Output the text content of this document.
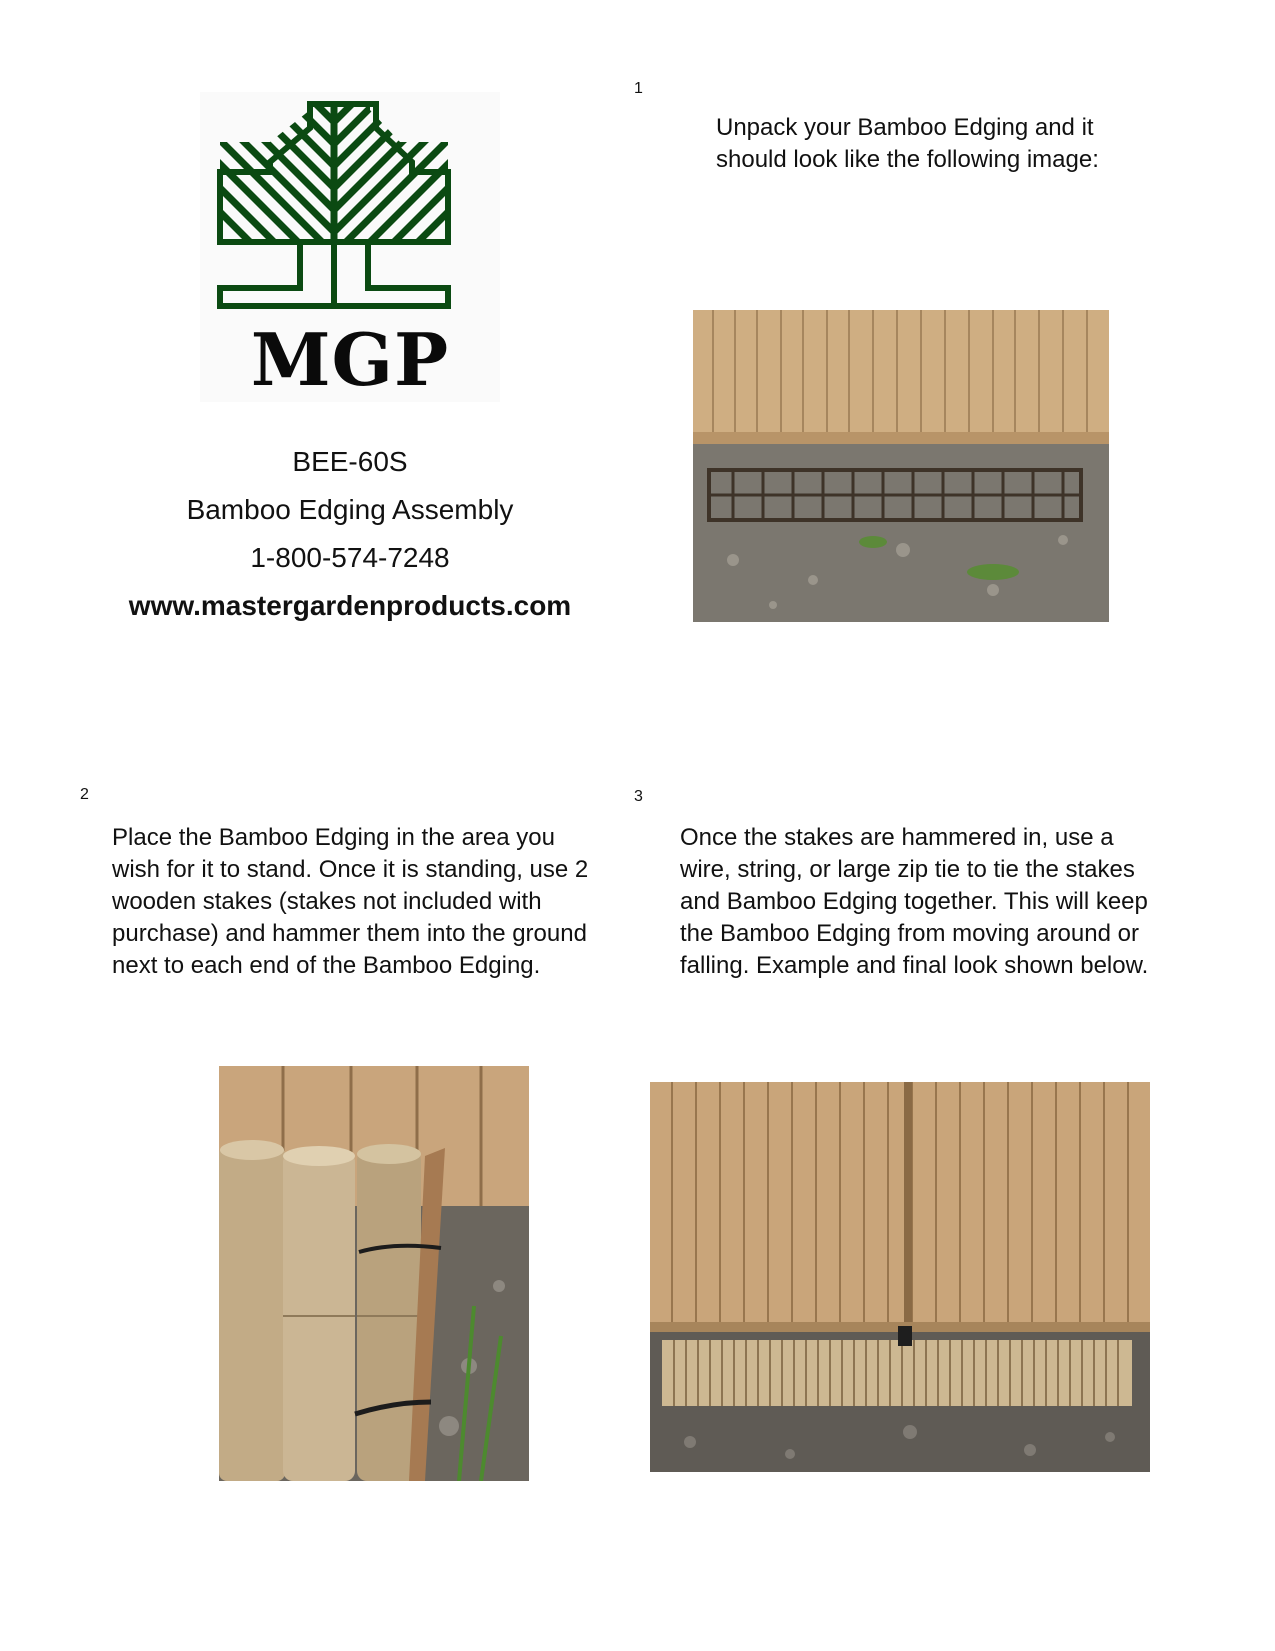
MGP
BEE-60S
Bamboo Edging Assembly
1-800-574-7248
www.mastergardenproducts.com
1
Unpack your Bamboo Edging and it should look like the following image:
2
Place the Bamboo Edging in the area you wish for it to stand. Once it is standing, use 2 wooden stakes (stakes not included with purchase) and hammer them into the ground next to each end of the Bamboo Edging.
3
Once the stakes are hammered in, use a wire, string, or large zip tie to tie the stakes and Bamboo Edging together. This will keep the Bamboo Edging from moving around or falling. Example and final look shown below.
